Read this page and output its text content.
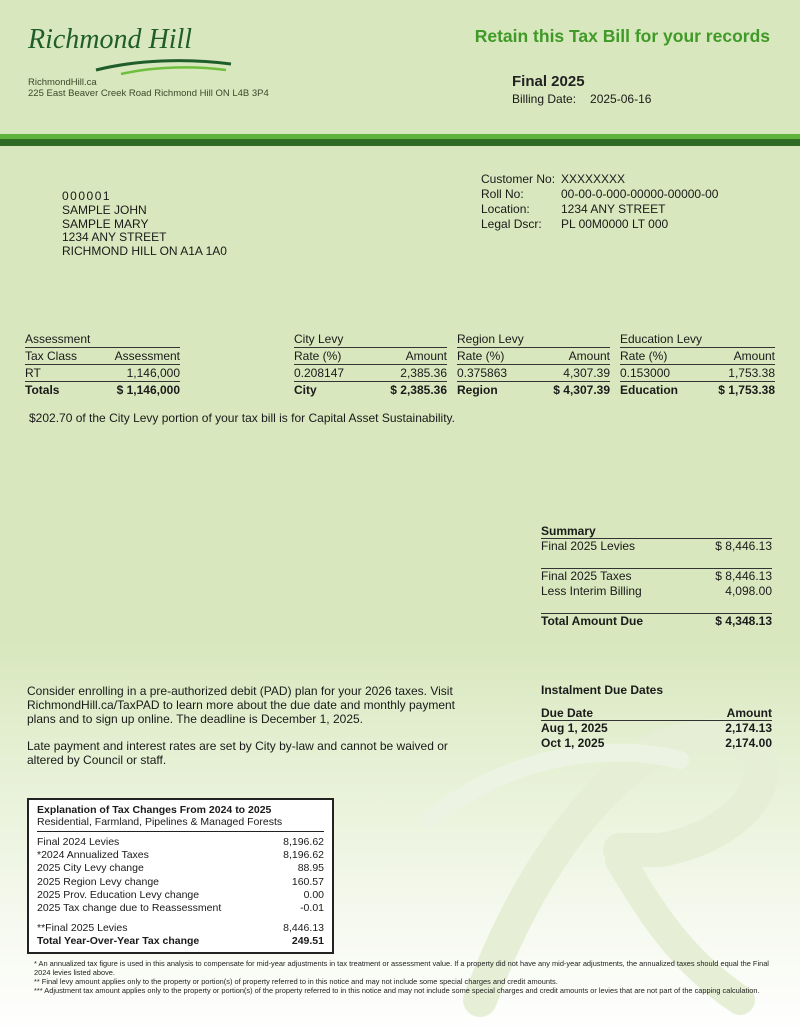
Richmond Hill
RichmondHill.ca
225 East Beaver Creek Road Richmond Hill ON L4B 3P4
Retain this Tax Bill for your records
Final 2025
Billing Date: 2025-06-16
000001
SAMPLE JOHN
SAMPLE MARY
1234 ANY STREET
RICHMOND HILL ON A1A 1A0
Customer No: XXXXXXXX
Roll No:	00-00-0-000-00000-00000-00
Location:	1234 ANY STREET
Legal Dscr:	PL 00M0000 LT 000
Assessment
Tax Class	Assessment
RT	1,146,000
Totals	$ 1,146,000
City Levy
Rate (%)	Amount
0.208147	2,385.36
City	$ 2,385.36
Region Levy
Rate (%)	Amount
0.375863	4,307.39
Region	$ 4,307.39
Education Levy
Rate (%)	Amount
0.153000	1,753.38
Education	$ 1,753.38
$202.70 of the City Levy portion of your tax bill is for Capital Asset Sustainability.
Summary
Final 2025 Levies	$ 8,446.13
Final 2025 Taxes	$ 8,446.13
Less Interim Billing	4,098.00
Total Amount Due	$ 4,348.13

Consider enrolling in a pre-authorized debit (PAD) plan for your 2026 taxes. Visit RichmondHill.ca/TaxPAD to learn more about the due date and monthly payment plans and to sign up online. The deadline is December 1, 2025.

Late payment and interest rates are set by City by-law and cannot be waived or altered by Council or staff.

Instalment Due Dates
Due Date	Amount
Aug 1, 2025	2,174.13
Oct 1, 2025	2,174.00
Explanation of Tax Changes From 2024 to 2025
Residential, Farmland, Pipelines & Managed Forests
Final 2024 Levies	8,196.62
*2024 Annualized Taxes	8,196.62
2025 City Levy change	88.95
2025 Region Levy change	160.57
2025 Prov. Education Levy change	0.00
2025 Tax change due to Reassessment	-0.01
**Final 2025 Levies	8,446.13
Total Year-Over-Year Tax change	249.51
* An annualized tax figure is used in this analysis to compensate for mid-year adjustments in tax treatment or assessment value. If a property did not have any mid-year adjustments, the annualized taxes should equal the Final 2024 levies listed above.
** Final levy amount applies only to the property or portion(s) of property referred to in this notice and may not include some special charges and credit amounts.
*** Adjustment tax amount applies only to the property or portion(s) of the property referred to in this notice and may not include some special charges and credit amounts or levies that are not part of the capping calculation.
